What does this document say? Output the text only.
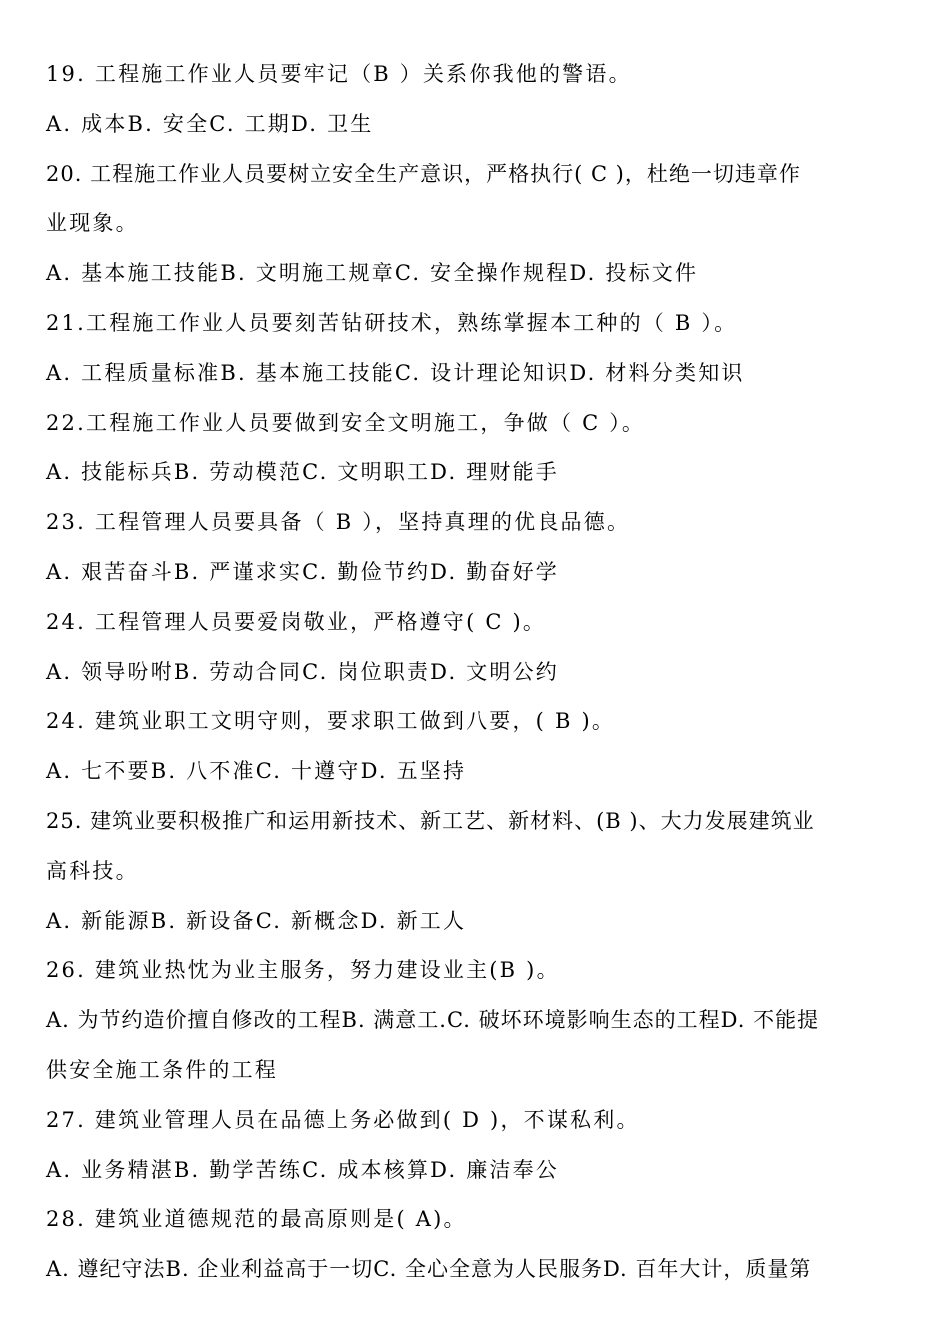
19. 工程施工作业人员要牢记（B ）关系你我他的警语。
A. 成本B. 安全C. 工期D. 卫生
20. 工程施工作业人员要树立安全生产意识，严格执行( C )，杜绝一切违章作
业现象。
A. 基本施工技能B. 文明施工规章C. 安全操作规程D. 投标文件
21.工程施工作业人员要刻苦钻研技术，熟练掌握本工种的（ B ）。
A. 工程质量标准B. 基本施工技能C. 设计理论知识D. 材料分类知识
22.工程施工作业人员要做到安全文明施工，争做（ C ）。
A. 技能标兵B. 劳动模范C. 文明职工D. 理财能手
23. 工程管理人员要具备（ B ），坚持真理的优良品德。
A. 艰苦奋斗B. 严谨求实C. 勤俭节约D. 勤奋好学
24. 工程管理人员要爱岗敬业，严格遵守( C )。
A. 领导吩咐B. 劳动合同C. 岗位职责D. 文明公约
24. 建筑业职工文明守则，要求职工做到八要，( B )。
A. 七不要B. 八不准C. 十遵守D. 五坚持
25. 建筑业要积极推广和运用新技术、新工艺、新材料、(B )、大力发展建筑业
高科技。
A. 新能源B. 新设备C. 新概念D. 新工人
26. 建筑业热忱为业主服务，努力建设业主(B )。
A. 为节约造价擅自修改的工程B. 满意工.C. 破坏环境影响生态的工程D. 不能提
供安全施工条件的工程
27. 建筑业管理人员在品德上务必做到( D )，不谋私利。
A. 业务精湛B. 勤学苦练C. 成本核算D. 廉洁奉公
28. 建筑业道德规范的最高原则是( A)。
A. 遵纪守法B. 企业利益高于一切C. 全心全意为人民服务D. 百年大计，质量第
